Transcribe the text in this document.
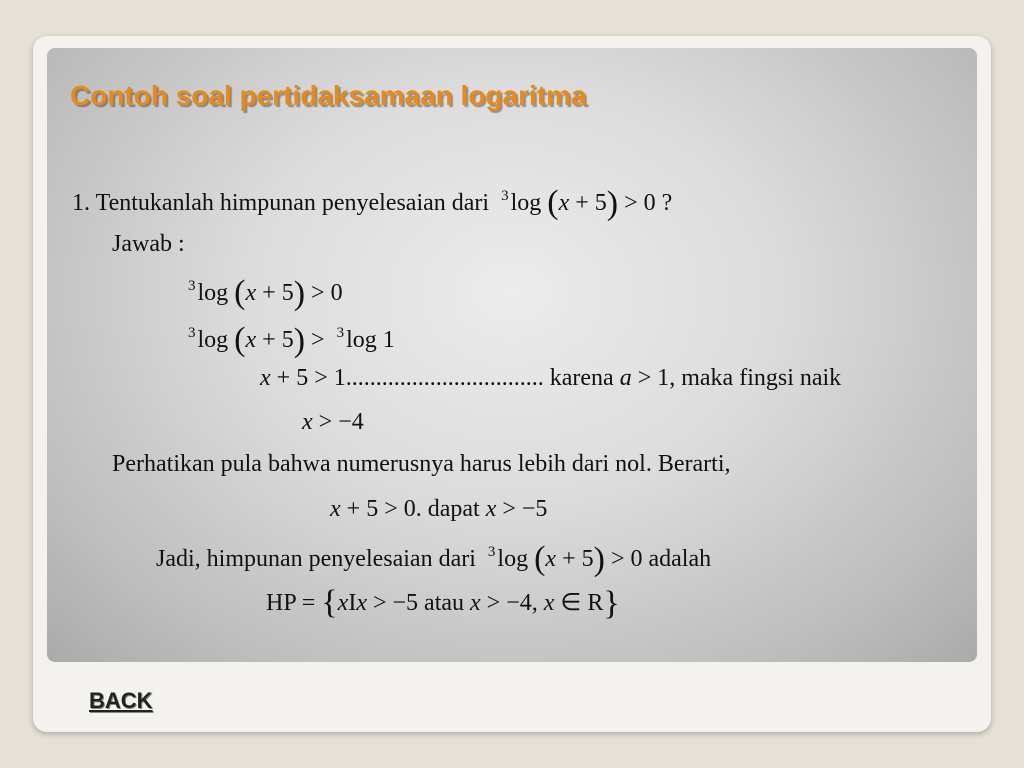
Contoh soal pertidaksamaan logaritma
1. Tentukanlah himpunan penyelesaian dari $^3$log (x + 5) > 0 ?
Jawab :
$^3$log (x + 5) > 0
$^3$log (x + 5) > $^3$log 1
x + 5 > 1................................. karena a > 1, maka fingsi naik
x > −4
Perhatikan pula bahwa numerusnya harus lebih dari nol. Berarti,
x + 5 > 0. dapat x > −5
Jadi, himpunan penyelesaian dari $^3$log (x + 5) > 0 adalah
HP = {xIx > −5 atau x > −4, x ∈ R}
BACK
